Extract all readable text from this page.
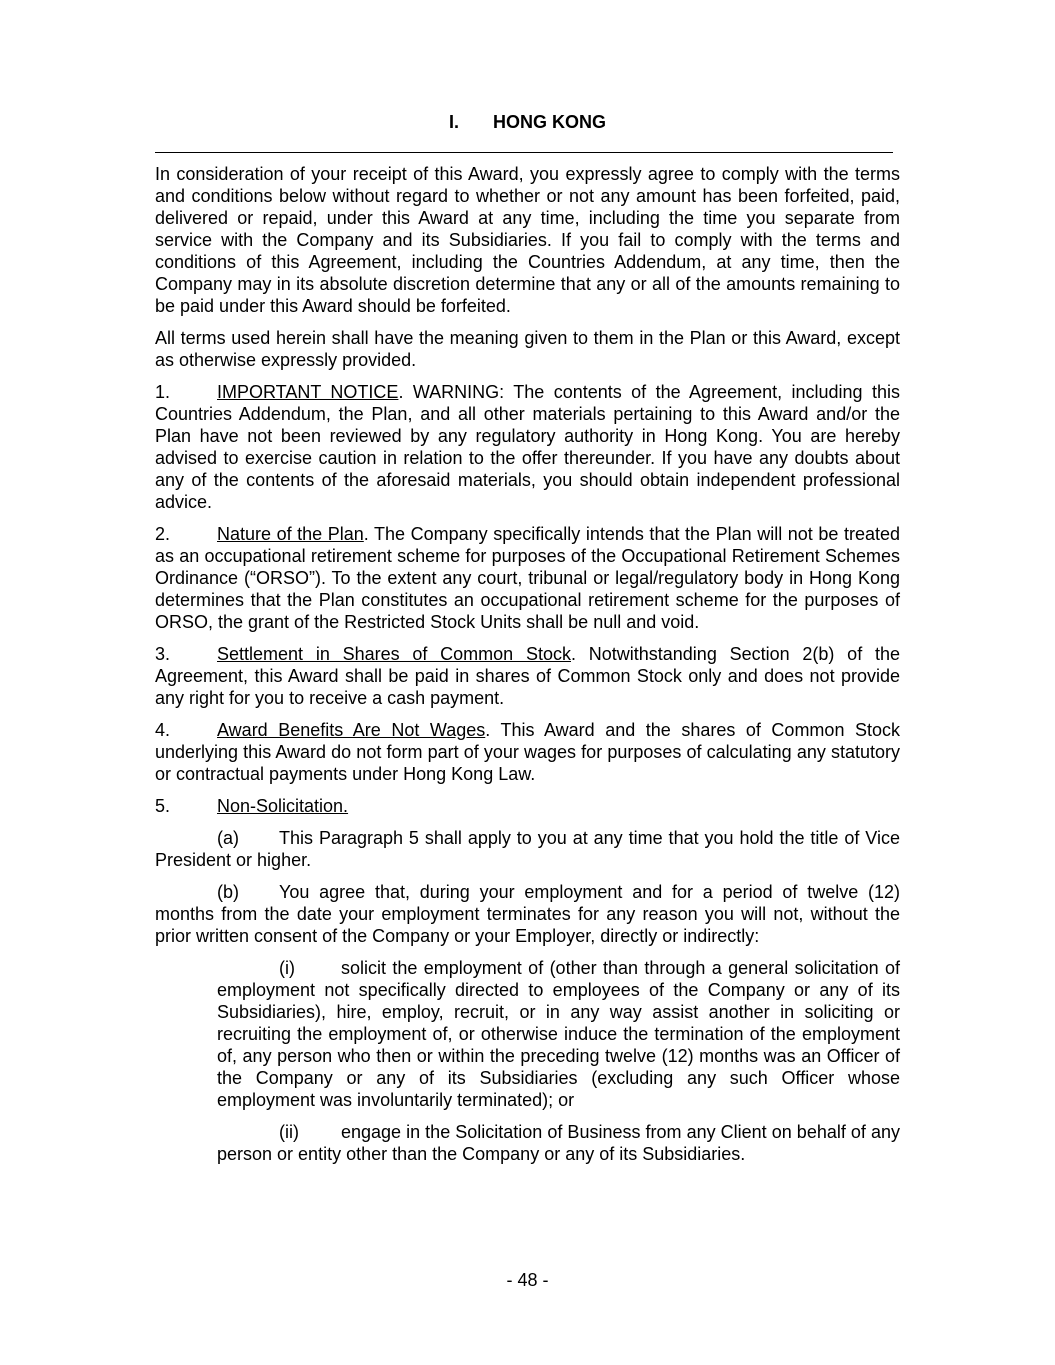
I. HONG KONG

In consideration of your receipt of this Award, you expressly agree to comply with the terms and conditions below without regard to whether or not any amount has been forfeited, paid, delivered or repaid, under this Award at any time, including the time you separate from service with the Company and its Subsidiaries. If you fail to comply with the terms and conditions of this Agreement, including the Countries Addendum, at any time, then the Company may in its absolute discretion determine that any or all of the amounts remaining to be paid under this Award should be forfeited.

All terms used herein shall have the meaning given to them in the Plan or this Award, except as otherwise expressly provided.

1.	IMPORTANT NOTICE. WARNING: The contents of the Agreement, including this Countries Addendum, the Plan, and all other materials pertaining to this Award and/or the Plan have not been reviewed by any regulatory authority in Hong Kong. You are hereby advised to exercise caution in relation to the offer thereunder. If you have any doubts about any of the contents of the aforesaid materials, you should obtain independent professional advice.

2.	Nature of the Plan. The Company specifically intends that the Plan will not be treated as an occupational retirement scheme for purposes of the Occupational Retirement Schemes Ordinance (“ORSO”). To the extent any court, tribunal or legal/regulatory body in Hong Kong determines that the Plan constitutes an occupational retirement scheme for the purposes of ORSO, the grant of the Restricted Stock Units shall be null and void.

3.	Settlement in Shares of Common Stock. Notwithstanding Section 2(b) of the Agreement, this Award shall be paid in shares of Common Stock only and does not provide any right for you to receive a cash payment.

4.	Award Benefits Are Not Wages. This Award and the shares of Common Stock underlying this Award do not form part of your wages for purposes of calculating any statutory or contractual payments under Hong Kong Law.

5.	Non-Solicitation.

(a) This Paragraph 5 shall apply to you at any time that you hold the title of Vice President or higher.

(b) You agree that, during your employment and for a period of twelve (12) months from the date your employment terminates for any reason you will not, without the prior written consent of the Company or your Employer, directly or indirectly:

(i)	solicit the employment of (other than through a general solicitation of employment not specifically directed to employees of the Company or any of its Subsidiaries), hire, employ, recruit, or in any way assist another in soliciting or recruiting the employment of, or otherwise induce the termination of the employment of, any person who then or within the preceding twelve (12) months was an Officer of the Company or any of its Subsidiaries (excluding any such Officer whose employment was involuntarily terminated); or

(ii) engage in the Solicitation of Business from any Client on behalf of any person or entity other than the Company or any of its Subsidiaries.

- 48 -
